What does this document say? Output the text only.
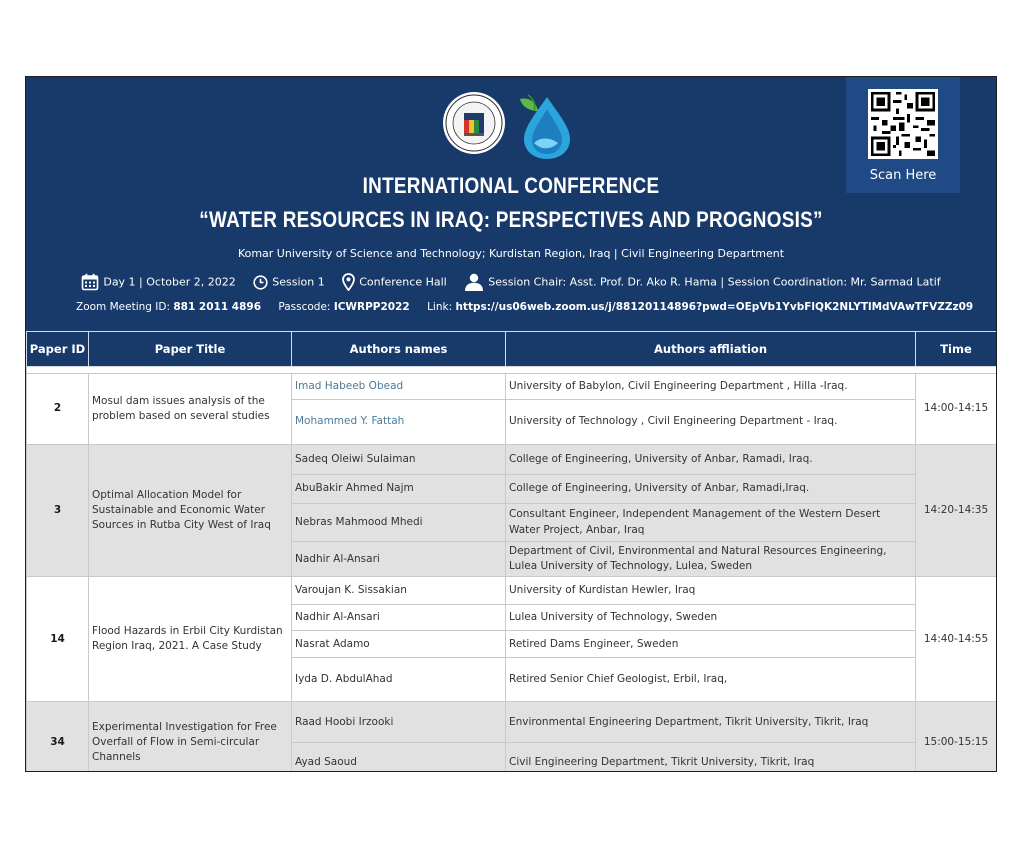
Scan Here
INTERNATIONAL CONFERENCE
“WATER RESOURCES IN IRAQ: PERSPECTIVES AND PROGNOSIS”
Komar University of Science and Technology; Kurdistan Region, Iraq | Civil Engineering Department
Day 1 | October 2, 2022	Session 1	Conference Hall	Session Chair: Asst. Prof. Dr. Ako R. Hama | Session Coordination: Mr. Sarmad Latif
Zoom Meeting ID: 881 2011 4896 Passcode: ICWRPP2022 Link: https://us06web.zoom.us/j/88120114896?pwd=OEpVb1YvbFlQK2NLYTlMdVAwTFVZZz09
Paper ID	Paper Title	Authors names	Authors affliation	Time

2	Mosul dam issues analysis of the problem based on several studies	Imad Habeeb Obead	University of Babylon, Civil Engineering Department , Hilla -Iraq.	14:00-14:15
		Mohammed Y. Fattah	University of Technology , Civil Engineering Department - Iraq.	
3	Optimal Allocation Model for Sustainable and Economic Water Sources in Rutba City West of Iraq	Sadeq Oleiwi Sulaiman	College of Engineering, University of Anbar, Ramadi, Iraq.	14:20-14:35
		AbuBakir Ahmed Najm	College of Engineering, University of Anbar, Ramadi,Iraq.	
		Nebras Mahmood Mhedi	Consultant Engineer, Independent Management of the Western Desert Water Project, Anbar, Iraq	
		Nadhir Al-Ansari	Department of Civil, Environmental and Natural Resources Engineering, Lulea University of Technology, Lulea, Sweden	
14	Flood Hazards in Erbil City Kurdistan Region Iraq, 2021. A Case Study	Varoujan K. Sissakian	University of Kurdistan Hewler, Iraq	14:40-14:55
		Nadhir Al-Ansari	Lulea University of Technology, Sweden	
		Nasrat Adamo	Retired Dams Engineer, Sweden	
		Iyda D. AbdulAhad	Retired Senior Chief Geologist, Erbil, Iraq,	
34	Experimental Investigation for Free Overfall of Flow in Semi-circular Channels	Raad Hoobi Irzooki	Environmental Engineering Department, Tikrit University, Tikrit, Iraq	15:00-15:15
		Ayad Saoud	Civil Engineering Department, Tikrit University, Tikrit, Iraq	
